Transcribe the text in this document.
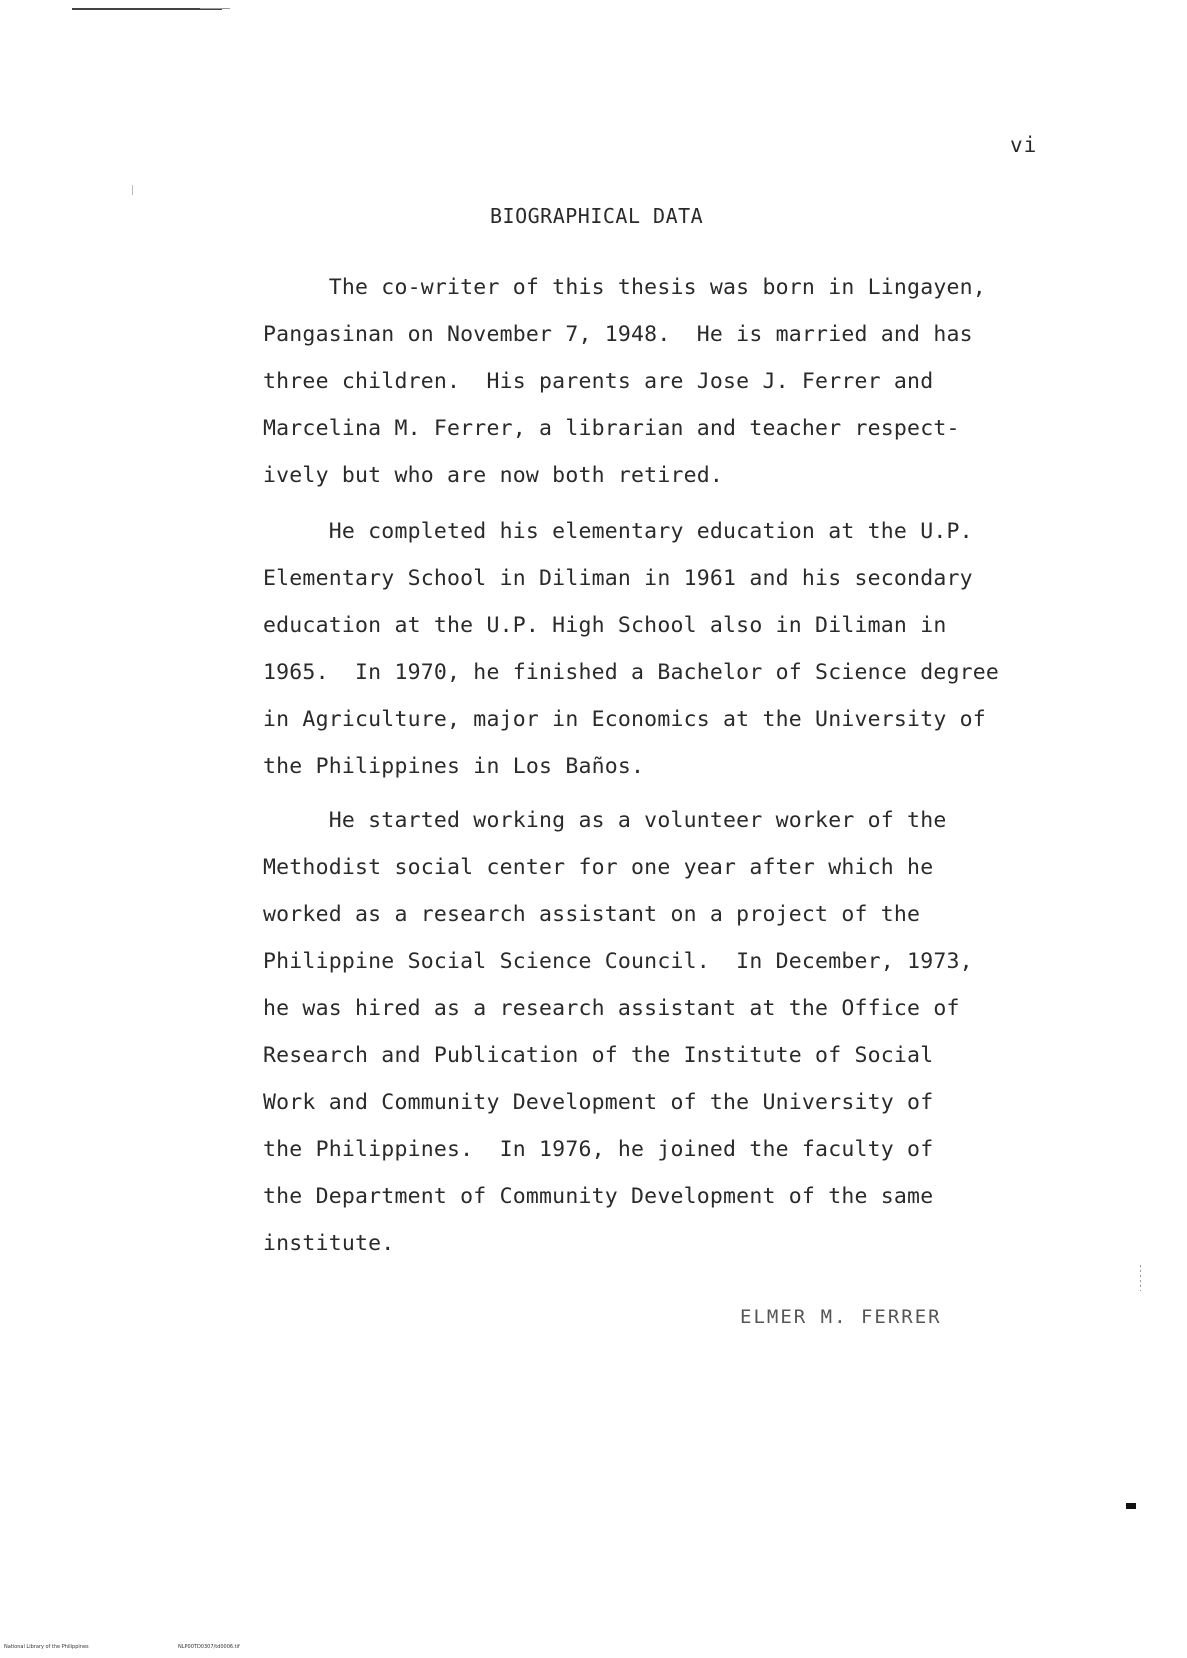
vi
BIOGRAPHICAL DATA
The co-writer of this thesis was born in Lingayen,
Pangasinan on November 7, 1948.  He is married and has
three children.  His parents are Jose J. Ferrer and
Marcelina M. Ferrer, a librarian and teacher respect-
ively but who are now both retired.
He completed his elementary education at the U.P.
Elementary School in Diliman in 1961 and his secondary
education at the U.P. High School also in Diliman in
1965.  In 1970, he finished a Bachelor of Science degree
in Agriculture, major in Economics at the University of
the Philippines in Los Baños.
He started working as a volunteer worker of the
Methodist social center for one year after which he
worked as a research assistant on a project of the
Philippine Social Science Council.  In December, 1973,
he was hired as a research assistant at the Office of
Research and Publication of the Institute of Social
Work and Community Development of the University of
the Philippines.  In 1976, he joined the faculty of
the Department of Community Development of the same
institute.
ELMER M. FERRER
National Library of the Philippines	NLP00TD0307/td0006.tif
